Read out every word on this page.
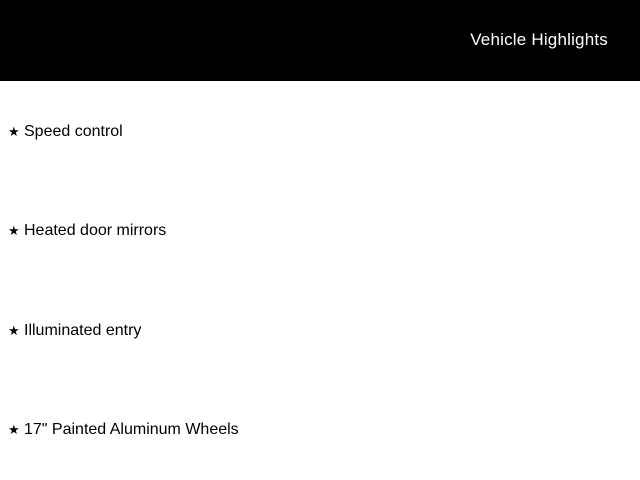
Vehicle Highlights
★ Speed control
★ Heated door mirrors
★ Illuminated entry
★ 17" Painted Aluminum Wheels
